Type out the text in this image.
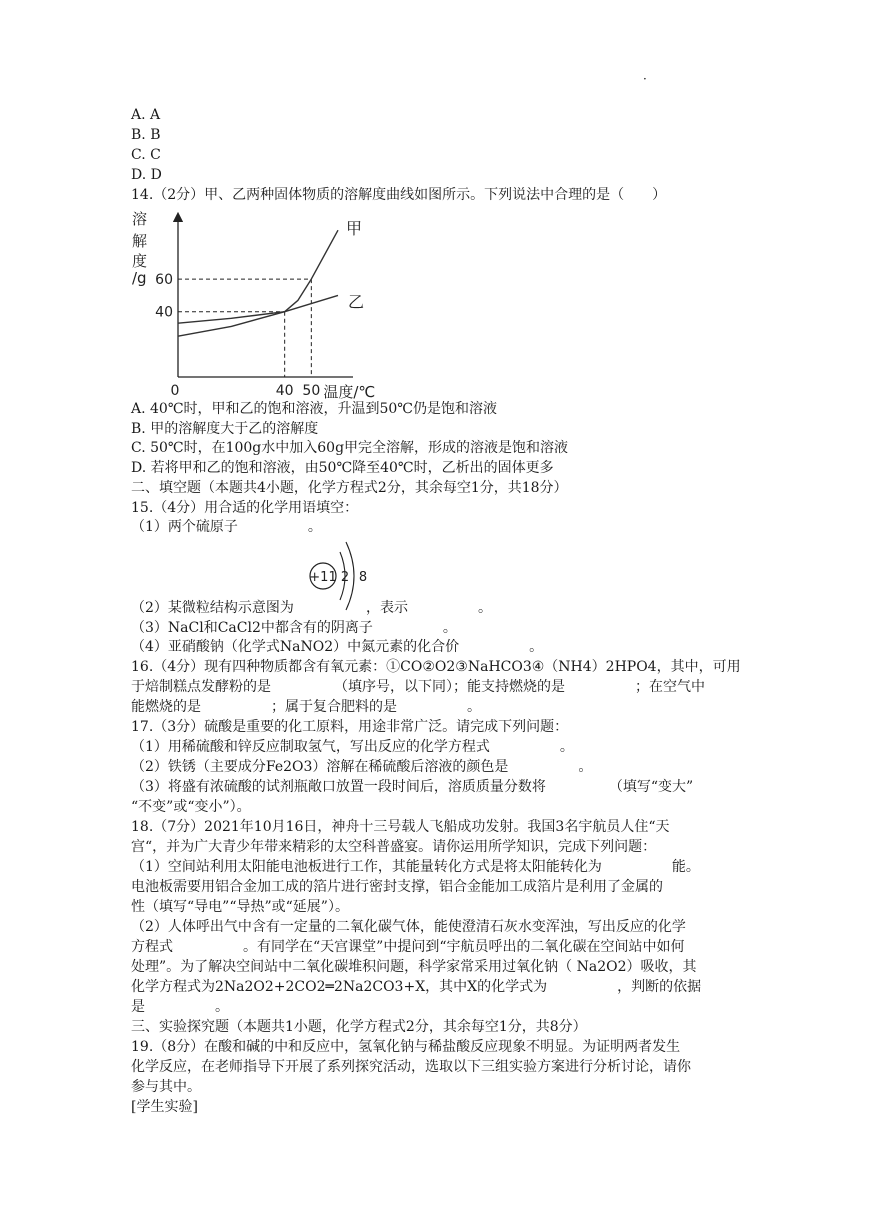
·
A. A
B. B
C. C
D. D
14.（2分）甲、乙两种固体物质的溶解度曲线如图所示。下列说法中合理的是（　　）
溶
解
度
/g
40
60
0	40 50 温度/℃
甲
乙
A. 40℃时，甲和乙的饱和溶液，升温到50℃仍是饱和溶液
B. 甲的溶解度大于乙的溶解度
C. 50℃时，在100g水中加入60g甲完全溶解，形成的溶液是饱和溶液
D. 若将甲和乙的饱和溶液，由50℃降至40℃时，乙析出的固体更多
二、填空题（本题共4小题，化学方程式2分，其余每空1分，共18分）
15.（4分）用合适的化学用语填空：
（1）两个硫原子　　　　　。
+11 2 8
（2）某微粒结构示意图为	，表示　　　　　。
（3）NaCl和CaCl2中都含有的阴离子　　　　　。
（4）亚硝酸钠（化学式NaNO2）中氮元素的化合价　　　　　。
16.（4分）现有四种物质都含有氧元素：①CO②O2③NaHCO3④（NH4）2HPO4，其中，可用
于焙制糕点发酵粉的是　　　　　（填序号，以下同）；能支持燃烧的是　　　　　；在空气中
能燃烧的是　　　　　；属于复合肥料的是　　　　　。
17.（3分）硫酸是重要的化工原料，用途非常广泛。请完成下列问题：
（1）用稀硫酸和锌反应制取氢气，写出反应的化学方程式　　　　　。
（2）铁锈（主要成分Fe2O3）溶解在稀硫酸后溶液的颜色是　　　　　。
（3）将盛有浓硫酸的试剂瓶敞口放置一段时间后，溶质质量分数将　　　　　（填写“变大”
“不变”或“变小”）。
18.（7分）2021年10月16日，神舟十三号载人飞船成功发射。我国3名宇航员人住“天
宫“，并为广大青少年带来精彩的太空科普盛宴。请你运用所学知识，完成下列问题：
（1）空间站利用太阳能电池板进行工作，其能量转化方式是将太阳能转化为　　　　　能。
电池板需要用铝合金加工成的箔片进行密封支撑，铝合金能加工成箔片是利用了金属的
性（填写“导电”“导热”或“延展”）。
（2）人体呼出气中含有一定量的二氧化碳气体，能使澄清石灰水变浑浊，写出反应的化学
方程式　　　　　。有同学在“天宫课堂”中提问到“宇航员呼出的二氧化碳在空间站中如何
处理”。为了解决空间站中二氧化碳堆积问题，科学家常采用过氧化钠（ Na2O2）吸收，其
化学方程式为2Na2O2+2CO2═2Na2CO3+X，其中X的化学式为　　　　　，判断的依据
是　　　　　。
三、实验探究题（本题共1小题，化学方程式2分，其余每空1分，共8分）
19.（8分）在酸和碱的中和反应中，氢氧化钠与稀盐酸反应现象不明显。为证明两者发生
化学反应，在老师指导下开展了系列探究活动，选取以下三组实验方案进行分析讨论，请你
参与其中。
[学生实验]
